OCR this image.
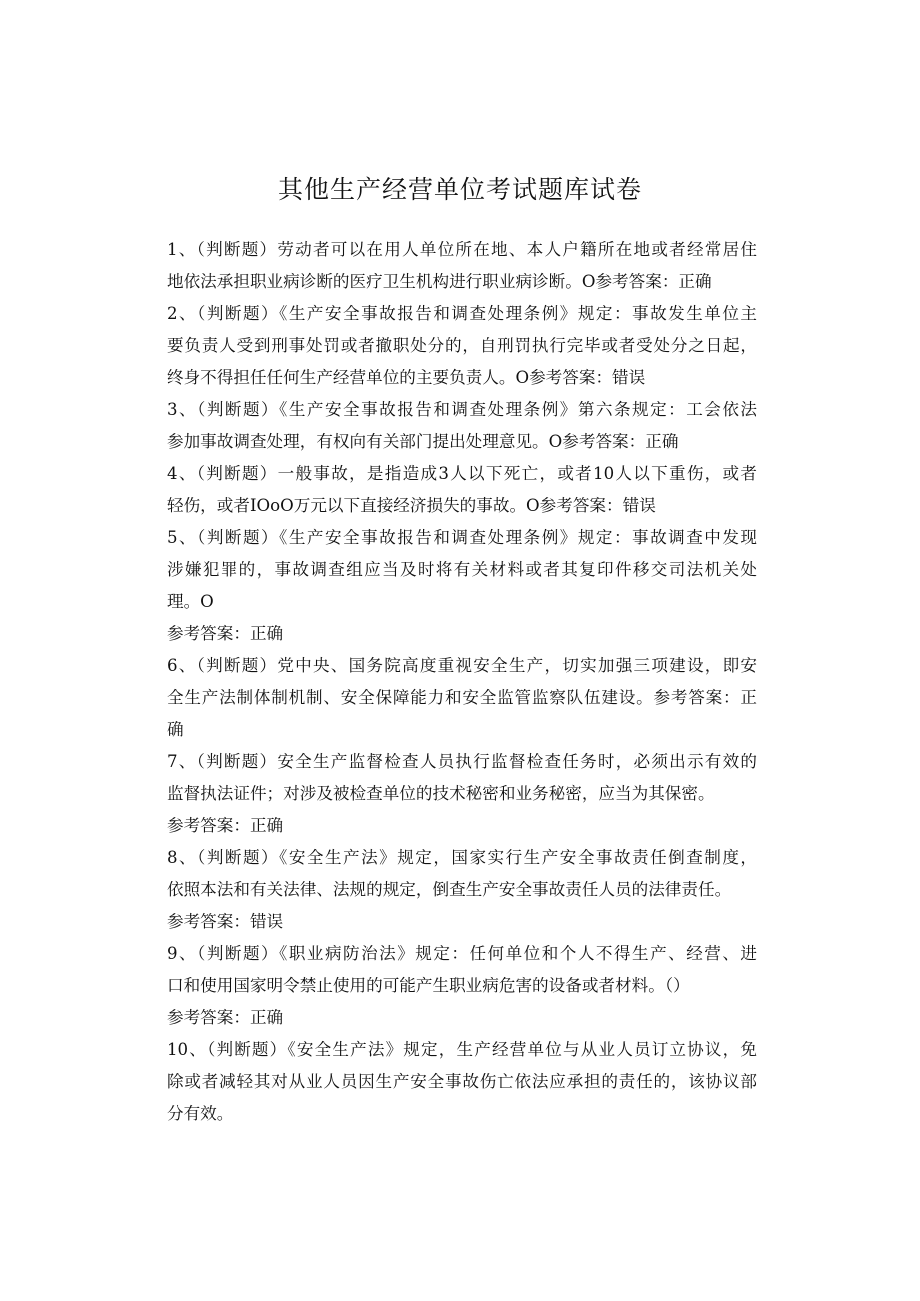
其他生产经营单位考试题库试卷
1、（判断题）劳动者可以在用人单位所在地、本人户籍所在地或者经常居住
地依法承担职业病诊断的医疗卫生机构进行职业病诊断。O参考答案：正确
2、（判断题）《生产安全事故报告和调查处理条例》规定：事故发生单位主
要负责人受到刑事处罚或者撤职处分的，自刑罚执行完毕或者受处分之日起，
终身不得担任任何生产经营单位的主要负责人。O参考答案：错误
3、（判断题）《生产安全事故报告和调查处理条例》第六条规定：工会依法
参加事故调查处理，有权向有关部门提出处理意见。O参考答案：正确
4、（判断题）一般事故，是指造成3人以下死亡，或者10人以下重伤，或者
轻伤，或者IOoO万元以下直接经济损失的事故。O参考答案：错误
5、（判断题）《生产安全事故报告和调查处理条例》规定：事故调查中发现
涉嫌犯罪的，事故调查组应当及时将有关材料或者其复印件移交司法机关处
理。O
参考答案：正确
6、（判断题）党中央、国务院高度重视安全生产，切实加强三项建设，即安
全生产法制体制机制、安全保障能力和安全监管监察队伍建设。参考答案：正
确
7、（判断题）安全生产监督检查人员执行监督检查任务时，必须出示有效的
监督执法证件；对涉及被检查单位的技术秘密和业务秘密，应当为其保密。
参考答案：正确
8、（判断题）《安全生产法》规定，国家实行生产安全事故责任倒查制度，
依照本法和有关法律、法规的规定，倒查生产安全事故责任人员的法律责任。
参考答案：错误
9、（判断题）《职业病防治法》规定：任何单位和个人不得生产、经营、进
口和使用国家明令禁止使用的可能产生职业病危害的设备或者材料。（）
参考答案：正确
10、（判断题）《安全生产法》规定，生产经营单位与从业人员订立协议，免
除或者减轻其对从业人员因生产安全事故伤亡依法应承担的责任的，该协议部
分有效。
